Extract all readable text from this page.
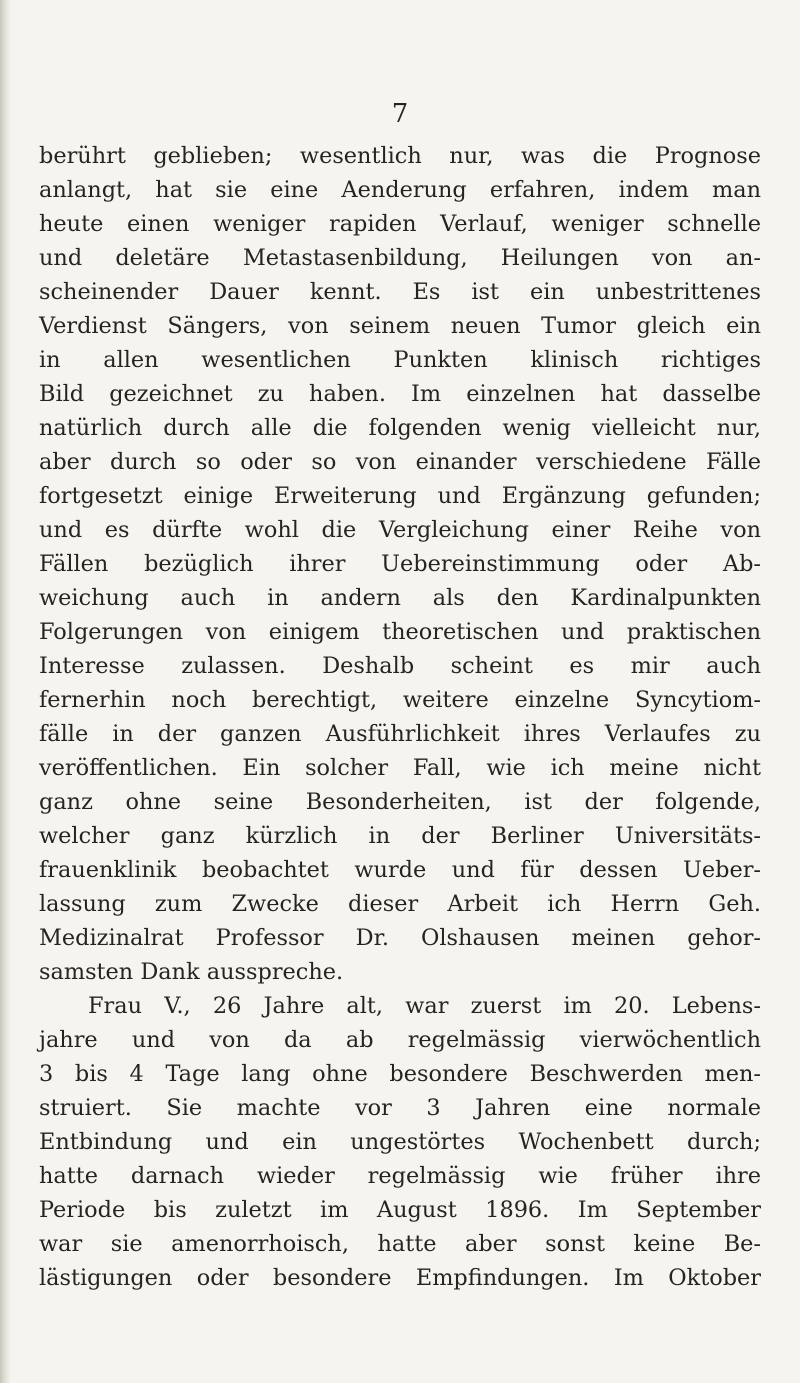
7
berührt geblieben; wesentlich nur, was die Prognose
anlangt, hat sie eine Aenderung erfahren, indem man
heute einen weniger rapiden Verlauf, weniger schnelle
und deletäre Metastasenbildung, Heilungen von an-
scheinender Dauer kennt. Es ist ein unbestrittenes
Verdienst Sängers, von seinem neuen Tumor gleich ein
in allen wesentlichen Punkten klinisch richtiges
Bild gezeichnet zu haben. Im einzelnen hat dasselbe
natürlich durch alle die folgenden wenig vielleicht nur,
aber durch so oder so von einander verschiedene Fälle
fortgesetzt einige Erweiterung und Ergänzung gefunden;
und es dürfte wohl die Vergleichung einer Reihe von
Fällen bezüglich ihrer Uebereinstimmung oder Ab-
weichung auch in andern als den Kardinalpunkten
Folgerungen von einigem theoretischen und praktischen
Interesse zulassen. Deshalb scheint es mir auch
fernerhin noch berechtigt, weitere einzelne Syncytiom-
fälle in der ganzen Ausführlichkeit ihres Verlaufes zu
veröffentlichen. Ein solcher Fall, wie ich meine nicht
ganz ohne seine Besonderheiten, ist der folgende,
welcher ganz kürzlich in der Berliner Universitäts-
frauenklinik beobachtet wurde und für dessen Ueber-
lassung zum Zwecke dieser Arbeit ich Herrn Geh.
Medizinalrat Professor Dr. Olshausen meinen gehor-
samsten Dank ausspreche.
Frau V., 26 Jahre alt, war zuerst im 20. Lebens-
jahre und von da ab regelmässig vierwöchentlich
3 bis 4 Tage lang ohne besondere Beschwerden men-
struiert. Sie machte vor 3 Jahren eine normale
Entbindung und ein ungestörtes Wochenbett durch;
hatte darnach wieder regelmässig wie früher ihre
Periode bis zuletzt im August 1896. Im September
war sie amenorrhoisch, hatte aber sonst keine Be-
lästigungen oder besondere Empfindungen. Im Oktober
